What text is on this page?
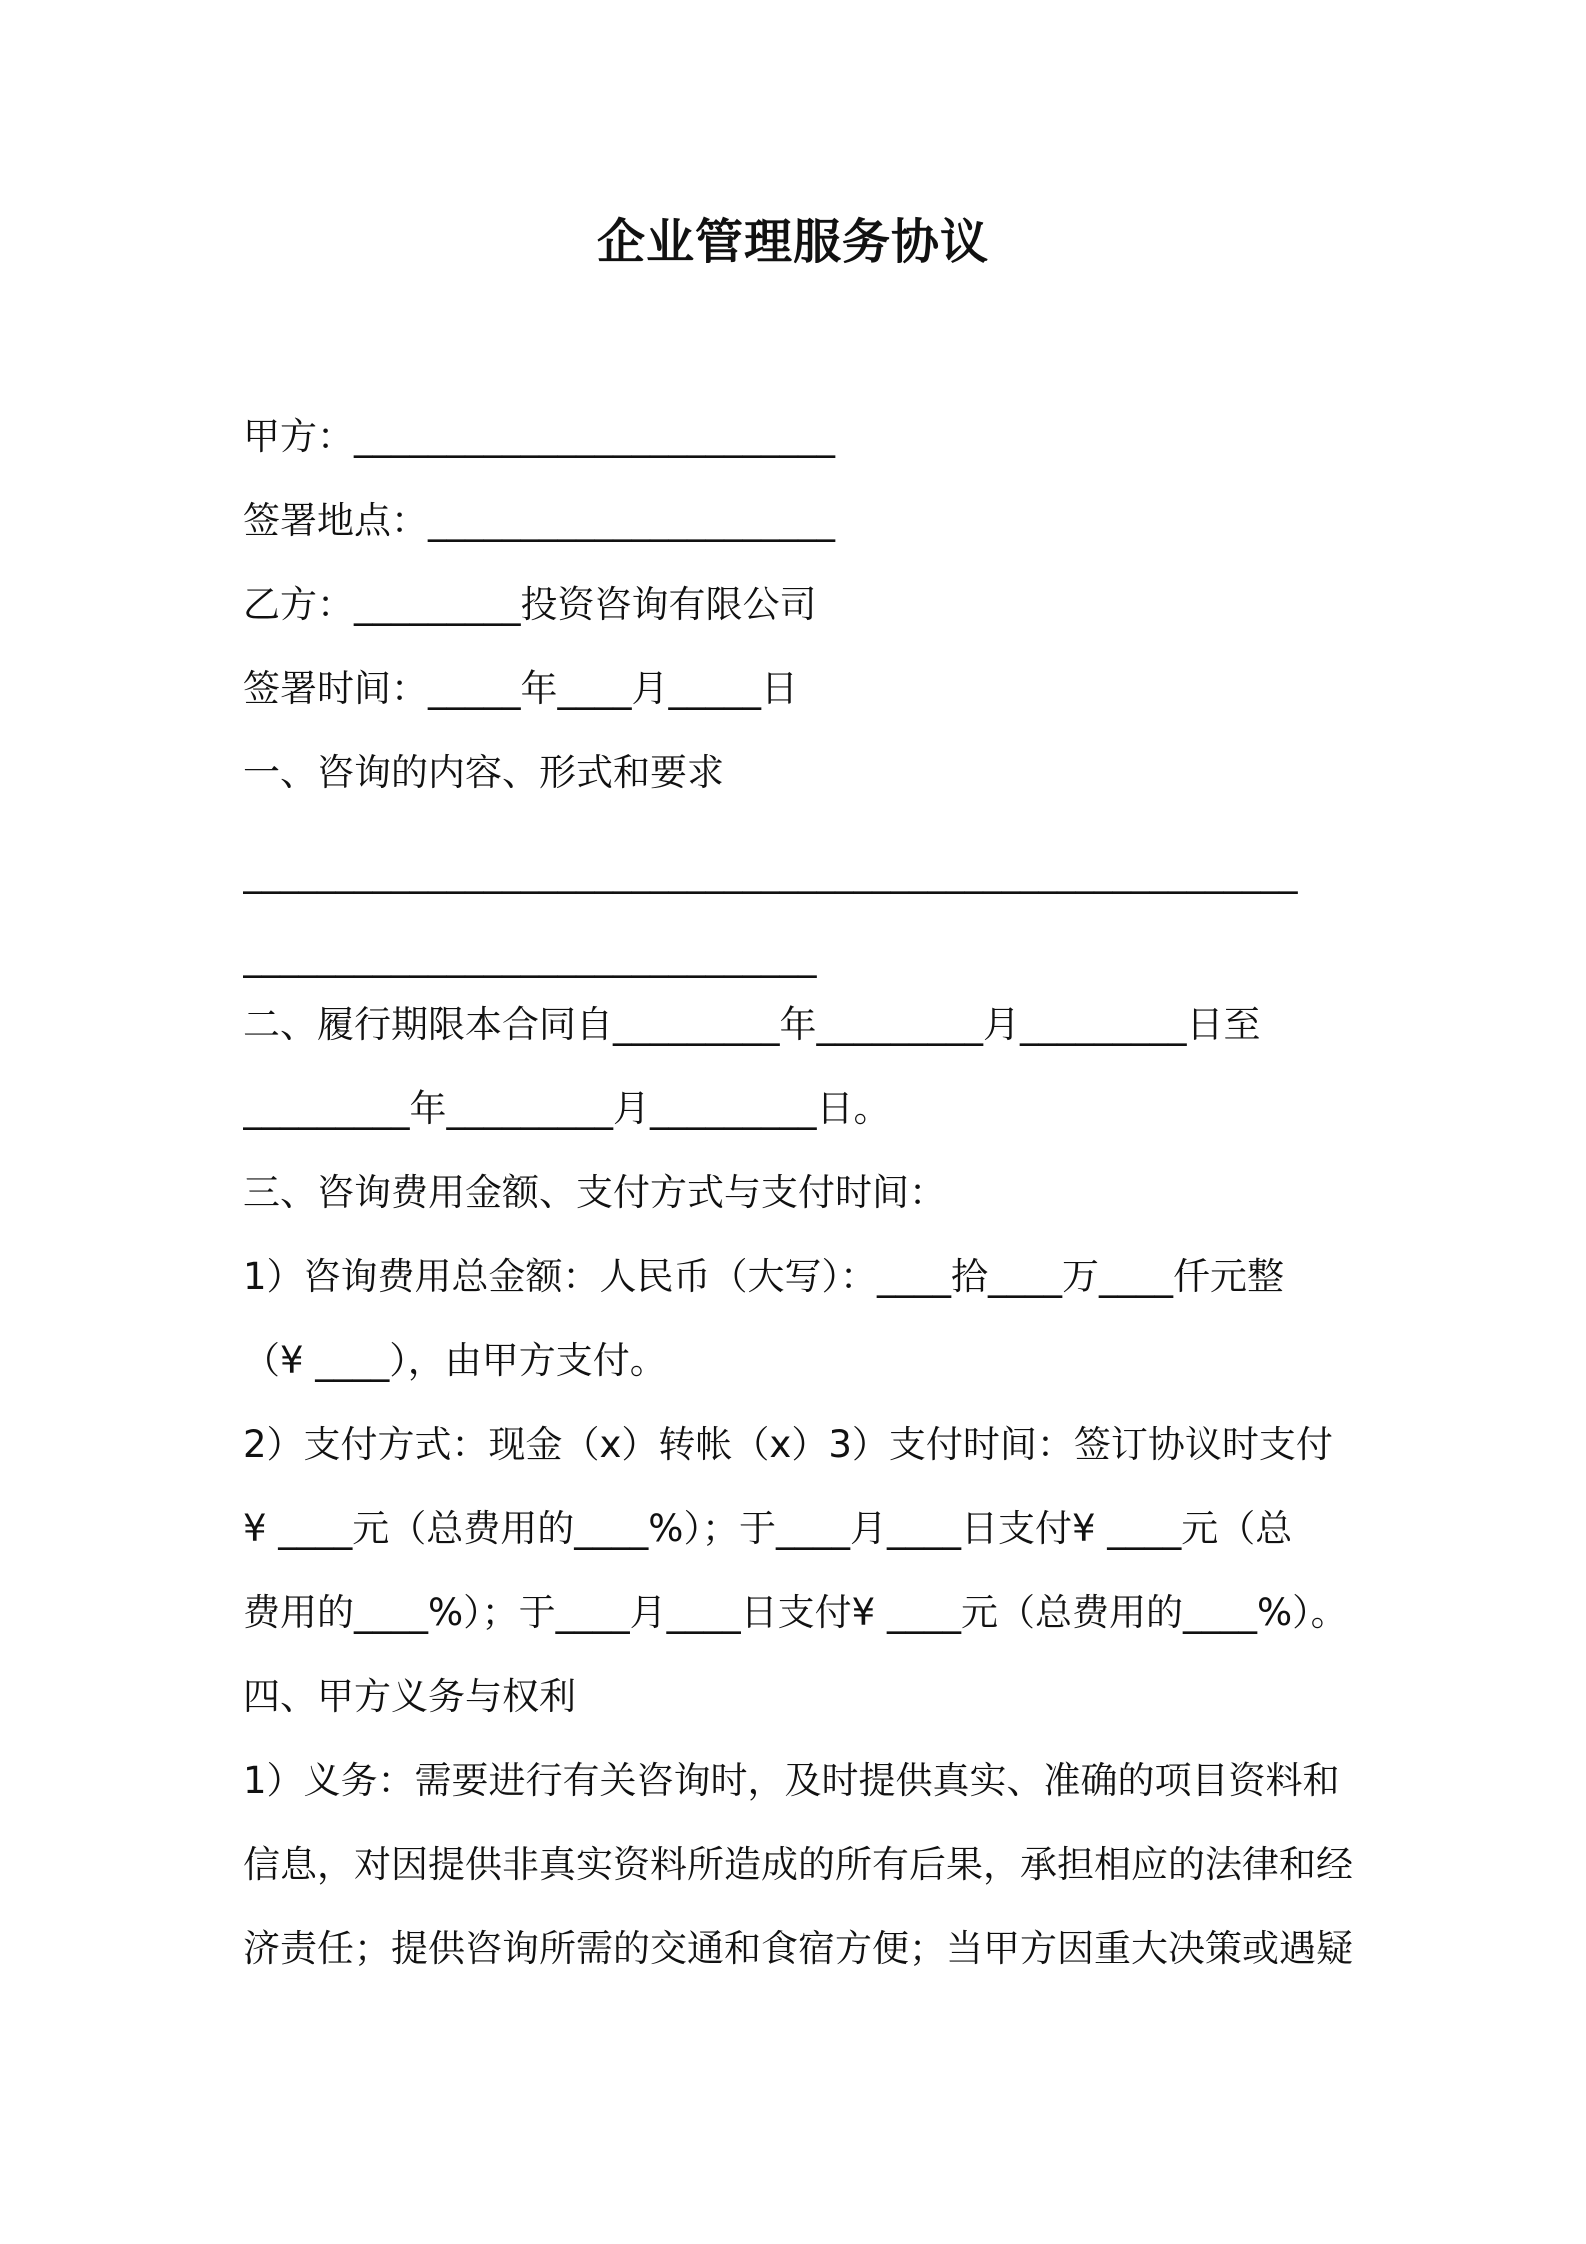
企业管理服务协议

甲方：__________________________

签署地点：______________________

乙方：_________投资咨询有限公司

签署时间：_____年____月_____日

一、咨询的内容、形式和要求

_________________________________________________________

_______________________________

二、履行期限本合同自_________年_________月_________日至

_________年_________月_________日。

三、咨询费用金额、支付方式与支付时间：

1）咨询费用总金额：人民币（大写）：____拾____万____仟元整

（¥ ____），由甲方支付。

2）支付方式：现金（x）转帐（x）3）支付时间：签订协议时支付

¥ ____元（总费用的____%）；于____月____日支付¥ ____元（总

费用的____%）；于____月____日支付¥ ____元（总费用的____%）。

四、甲方义务与权利

1）义务：需要进行有关咨询时，及时提供真实、准确的项目资料和

信息，对因提供非真实资料所造成的所有后果，承担相应的法律和经

济责任；提供咨询所需的交通和食宿方便；当甲方因重大决策或遇疑
